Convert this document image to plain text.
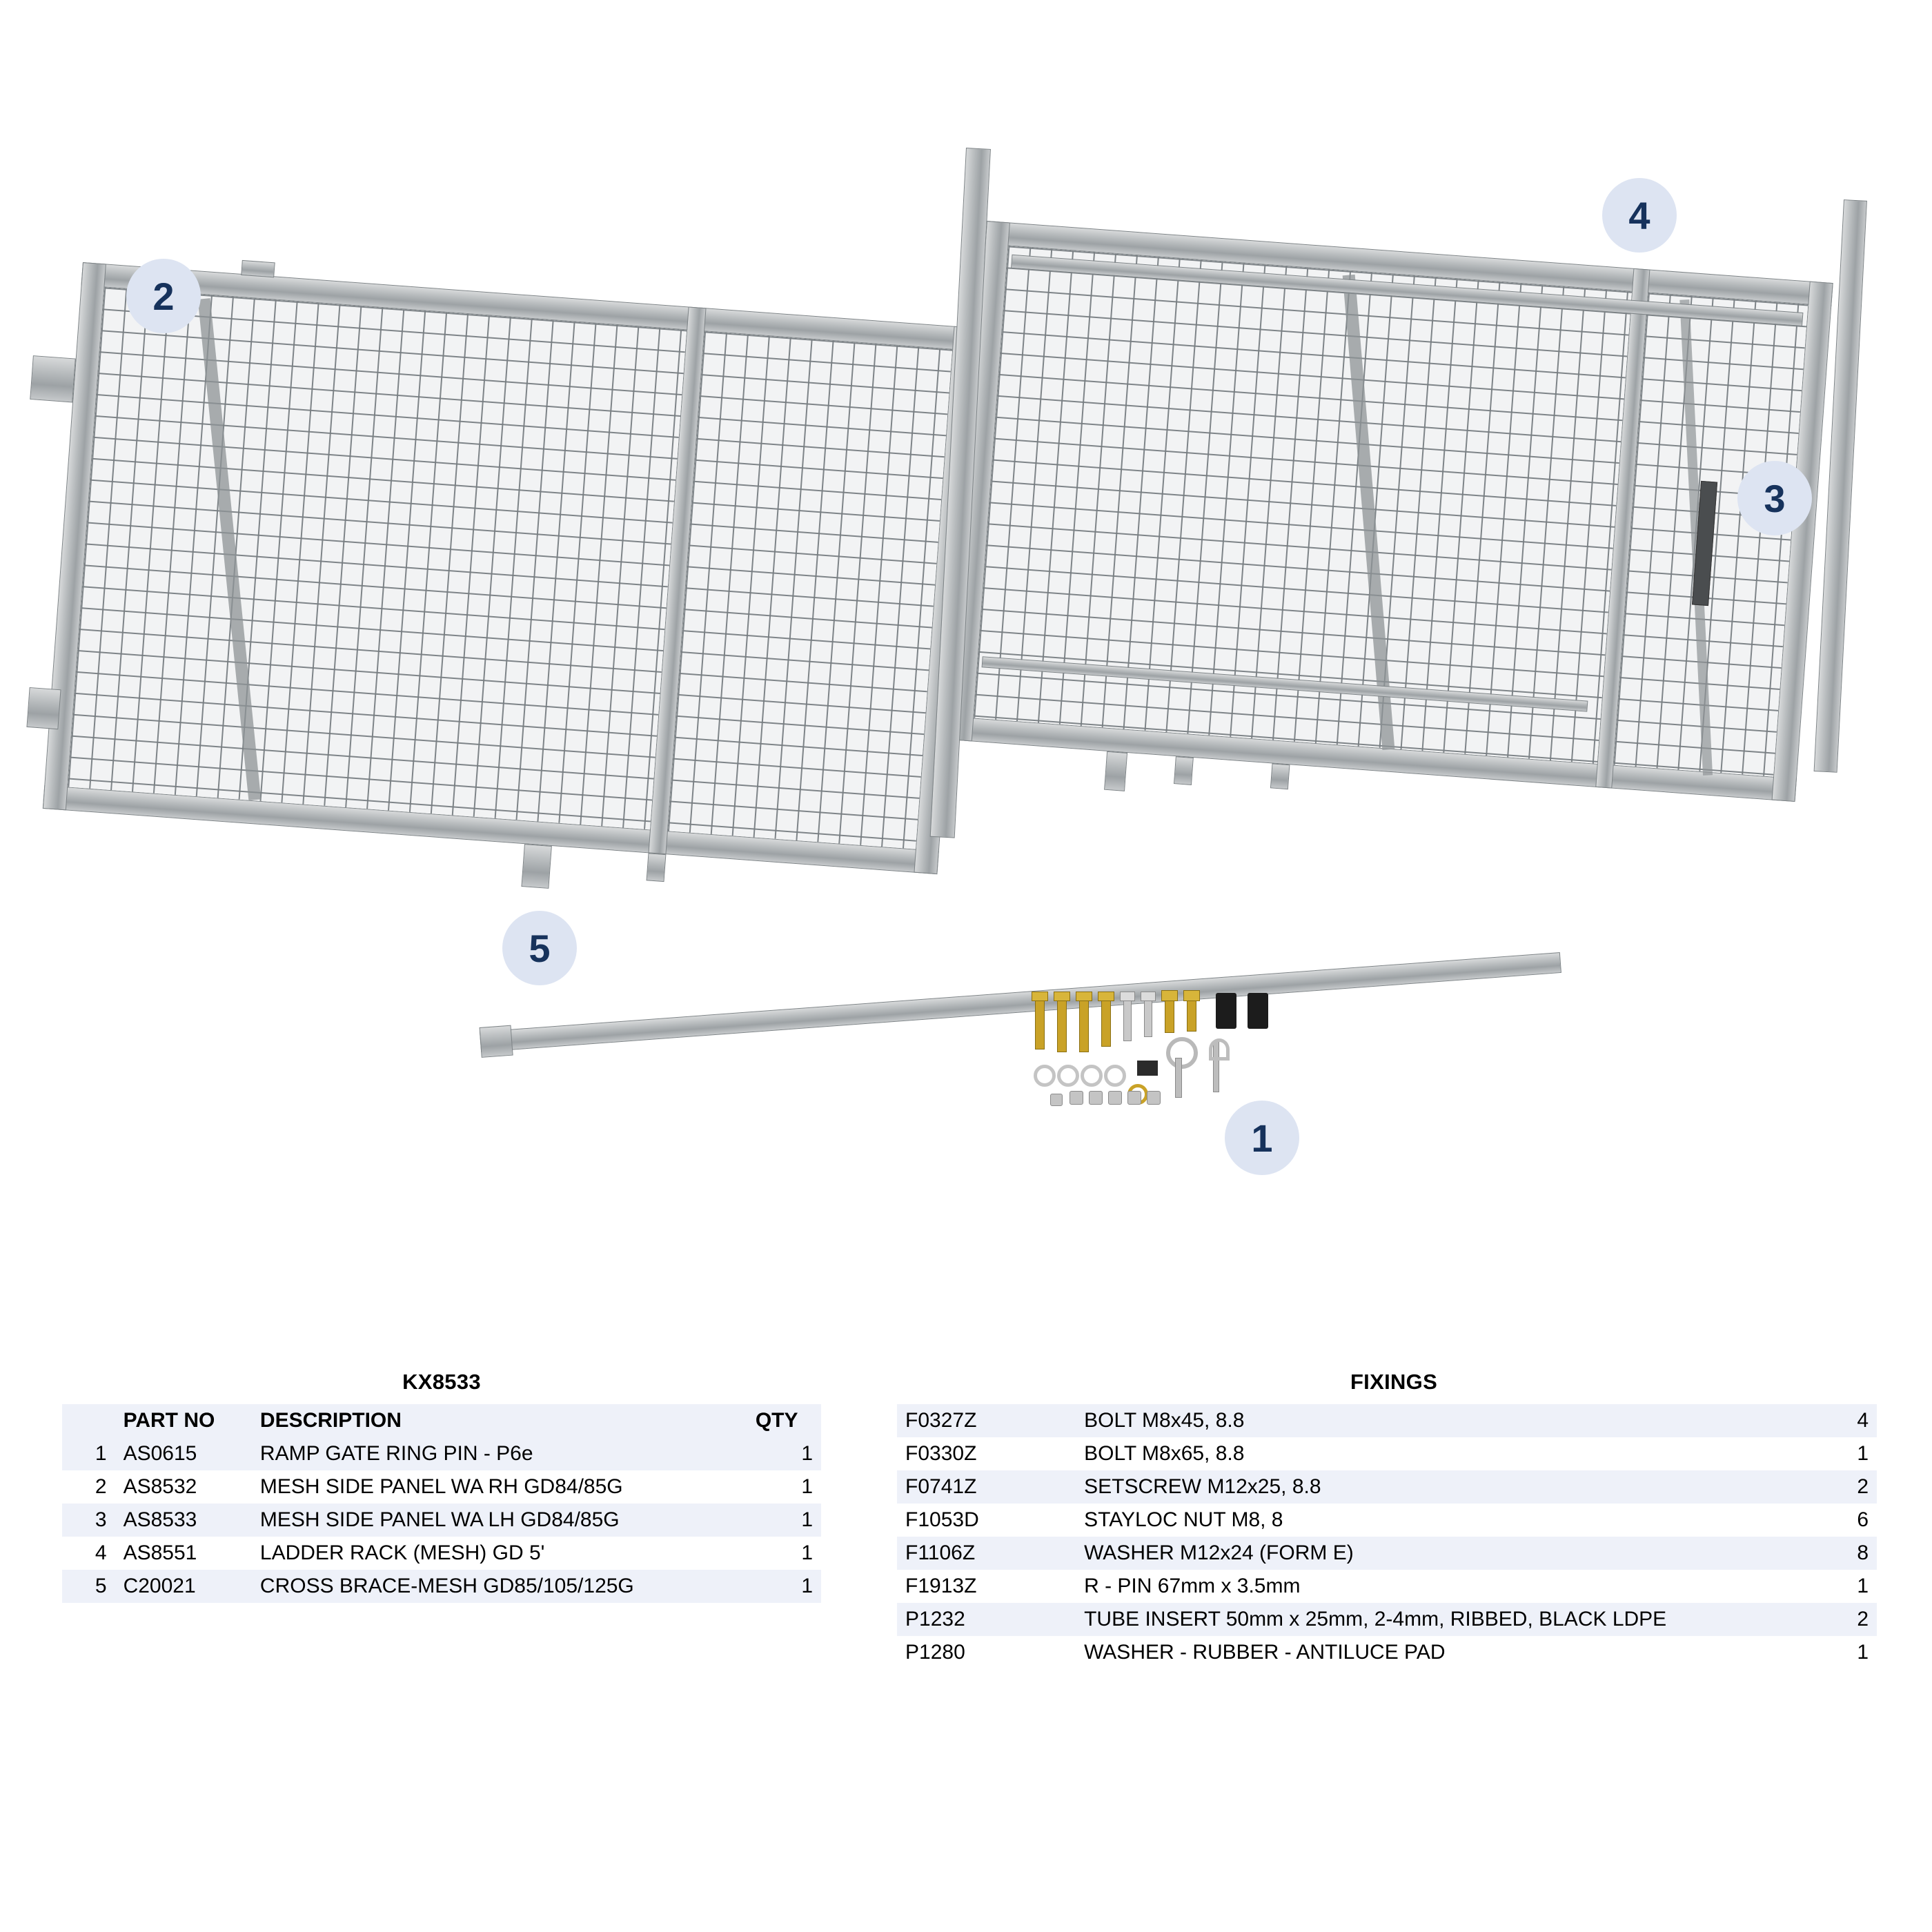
2
4
3
5
1
KX8533
	PART NO	DESCRIPTION	QTY
1	AS0615	RAMP GATE RING PIN - P6e	1
2	AS8532	MESH SIDE PANEL WA RH GD84/85G	1
3	AS8533	MESH SIDE PANEL WA LH GD84/85G	1
4	AS8551	LADDER RACK (MESH) GD 5'	1
5	C20021	CROSS BRACE-MESH GD85/105/125G	1
FIXINGS
F0327Z	BOLT M8x45, 8.8	4
F0330Z	BOLT M8x65, 8.8	1
F0741Z	SETSCREW M12x25, 8.8	2
F1053D	STAYLOC NUT M8, 8	6
F1106Z	WASHER M12x24 (FORM E)	8
F1913Z	R - PIN 67mm x 3.5mm	1
P1232	TUBE INSERT 50mm x 25mm, 2-4mm, RIBBED, BLACK LDPE	2
P1280	WASHER - RUBBER - ANTILUCE PAD	1
